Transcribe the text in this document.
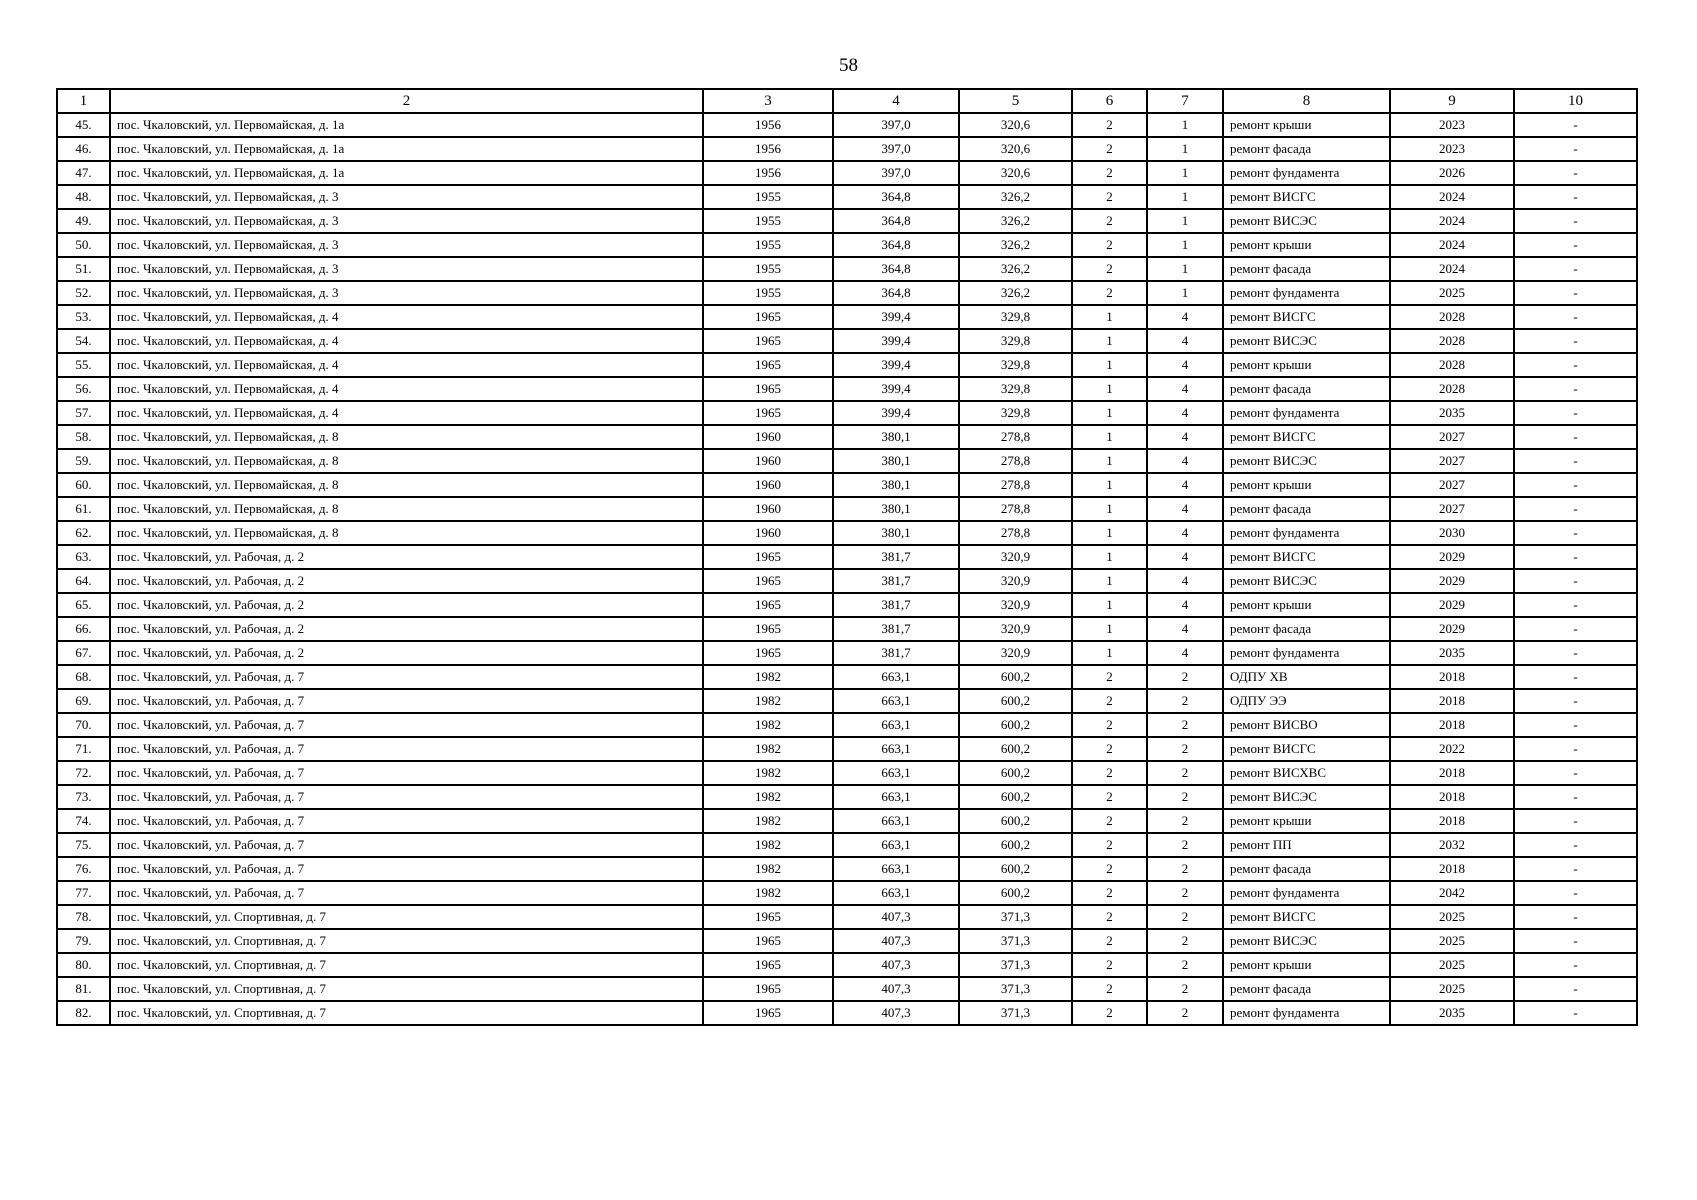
58
1	2	3	4	5	6	7	8	9	10
45.	пос. Чкаловский, ул. Первомайская, д. 1а	1956	397,0	320,6	2	1	ремонт крыши	2023	-
46.	пос. Чкаловский, ул. Первомайская, д. 1а	1956	397,0	320,6	2	1	ремонт фасада	2023	-
47.	пос. Чкаловский, ул. Первомайская, д. 1а	1956	397,0	320,6	2	1	ремонт фундамента	2026	-
48.	пос. Чкаловский, ул. Первомайская, д. 3	1955	364,8	326,2	2	1	ремонт ВИСГС	2024	-
49.	пос. Чкаловский, ул. Первомайская, д. 3	1955	364,8	326,2	2	1	ремонт ВИСЭС	2024	-
50.	пос. Чкаловский, ул. Первомайская, д. 3	1955	364,8	326,2	2	1	ремонт крыши	2024	-
51.	пос. Чкаловский, ул. Первомайская, д. 3	1955	364,8	326,2	2	1	ремонт фасада	2024	-
52.	пос. Чкаловский, ул. Первомайская, д. 3	1955	364,8	326,2	2	1	ремонт фундамента	2025	-
53.	пос. Чкаловский, ул. Первомайская, д. 4	1965	399,4	329,8	1	4	ремонт ВИСГС	2028	-
54.	пос. Чкаловский, ул. Первомайская, д. 4	1965	399,4	329,8	1	4	ремонт ВИСЭС	2028	-
55.	пос. Чкаловский, ул. Первомайская, д. 4	1965	399,4	329,8	1	4	ремонт крыши	2028	-
56.	пос. Чкаловский, ул. Первомайская, д. 4	1965	399,4	329,8	1	4	ремонт фасада	2028	-
57.	пос. Чкаловский, ул. Первомайская, д. 4	1965	399,4	329,8	1	4	ремонт фундамента	2035	-
58.	пос. Чкаловский, ул. Первомайская, д. 8	1960	380,1	278,8	1	4	ремонт ВИСГС	2027	-
59.	пос. Чкаловский, ул. Первомайская, д. 8	1960	380,1	278,8	1	4	ремонт ВИСЭС	2027	-
60.	пос. Чкаловский, ул. Первомайская, д. 8	1960	380,1	278,8	1	4	ремонт крыши	2027	-
61.	пос. Чкаловский, ул. Первомайская, д. 8	1960	380,1	278,8	1	4	ремонт фасада	2027	-
62.	пос. Чкаловский, ул. Первомайская, д. 8	1960	380,1	278,8	1	4	ремонт фундамента	2030	-
63.	пос. Чкаловский, ул. Рабочая, д. 2	1965	381,7	320,9	1	4	ремонт ВИСГС	2029	-
64.	пос. Чкаловский, ул. Рабочая, д. 2	1965	381,7	320,9	1	4	ремонт ВИСЭС	2029	-
65.	пос. Чкаловский, ул. Рабочая, д. 2	1965	381,7	320,9	1	4	ремонт крыши	2029	-
66.	пос. Чкаловский, ул. Рабочая, д. 2	1965	381,7	320,9	1	4	ремонт фасада	2029	-
67.	пос. Чкаловский, ул. Рабочая, д. 2	1965	381,7	320,9	1	4	ремонт фундамента	2035	-
68.	пос. Чкаловский, ул. Рабочая, д. 7	1982	663,1	600,2	2	2	ОДПУ ХВ	2018	-
69.	пос. Чкаловский, ул. Рабочая, д. 7	1982	663,1	600,2	2	2	ОДПУ ЭЭ	2018	-
70.	пос. Чкаловский, ул. Рабочая, д. 7	1982	663,1	600,2	2	2	ремонт ВИСВО	2018	-
71.	пос. Чкаловский, ул. Рабочая, д. 7	1982	663,1	600,2	2	2	ремонт ВИСГС	2022	-
72.	пос. Чкаловский, ул. Рабочая, д. 7	1982	663,1	600,2	2	2	ремонт ВИСХВС	2018	-
73.	пос. Чкаловский, ул. Рабочая, д. 7	1982	663,1	600,2	2	2	ремонт ВИСЭС	2018	-
74.	пос. Чкаловский, ул. Рабочая, д. 7	1982	663,1	600,2	2	2	ремонт крыши	2018	-
75.	пос. Чкаловский, ул. Рабочая, д. 7	1982	663,1	600,2	2	2	ремонт ПП	2032	-
76.	пос. Чкаловский, ул. Рабочая, д. 7	1982	663,1	600,2	2	2	ремонт фасада	2018	-
77.	пос. Чкаловский, ул. Рабочая, д. 7	1982	663,1	600,2	2	2	ремонт фундамента	2042	-
78.	пос. Чкаловский, ул. Спортивная, д. 7	1965	407,3	371,3	2	2	ремонт ВИСГС	2025	-
79.	пос. Чкаловский, ул. Спортивная, д. 7	1965	407,3	371,3	2	2	ремонт ВИСЭС	2025	-
80.	пос. Чкаловский, ул. Спортивная, д. 7	1965	407,3	371,3	2	2	ремонт крыши	2025	-
81.	пос. Чкаловский, ул. Спортивная, д. 7	1965	407,3	371,3	2	2	ремонт фасада	2025	-
82.	пос. Чкаловский, ул. Спортивная, д. 7	1965	407,3	371,3	2	2	ремонт фундамента	2035	-
